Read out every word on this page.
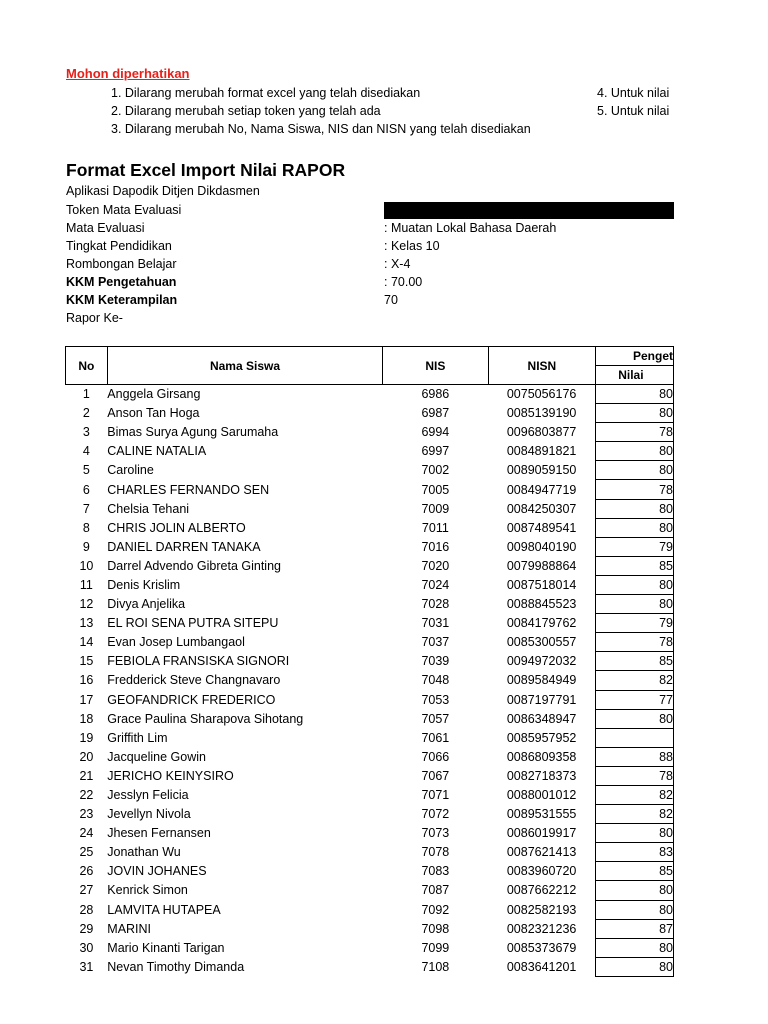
Mohon diperhatikan
1. Dilarang merubah format excel yang telah disediakan
2. Dilarang merubah setiap token yang telah ada
3. Dilarang merubah No, Nama Siswa, NIS dan NISN yang telah disediakan
4. Untuk nilai
5. Untuk nilai
Format Excel Import Nilai RAPOR
Aplikasi Dapodik Ditjen Dikdasmen
Token Mata Evaluasi
Mata Evaluasi	: Muatan Lokal Bahasa Daerah
Tingkat Pendidikan	: Kelas 10
Rombongan Belajar	: X-4
KKM Pengetahuan	: 70.00
KKM Keterampilan	70
Rapor Ke-
No	Nama Siswa	NIS	NISN	Penget
				Nilai
1	Anggela Girsang	6986	0075056176	80
2	Anson Tan Hoga	6987	0085139190	80
3	Bimas Surya Agung Sarumaha	6994	0096803877	78
4	CALINE NATALIA	6997	0084891821	80
5	Caroline	7002	0089059150	80
6	CHARLES FERNANDO SEN	7005	0084947719	78
7	Chelsia Tehani	7009	0084250307	80
8	CHRIS JOLIN ALBERTO	7011	0087489541	80
9	DANIEL DARREN TANAKA	7016	0098040190	79
10	Darrel Advendo Gibreta Ginting	7020	0079988864	85
11	Denis Krislim	7024	0087518014	80
12	Divya Anjelika	7028	0088845523	80
13	EL ROI SENA PUTRA SITEPU	7031	0084179762	79
14	Evan Josep Lumbangaol	7037	0085300557	78
15	FEBIOLA FRANSISKA SIGNORI	7039	0094972032	85
16	Fredderick Steve Changnavaro	7048	0089584949	82
17	GEOFANDRICK FREDERICO	7053	0087197791	77
18	Grace Paulina Sharapova Sihotang	7057	0086348947	80
19	Griffith Lim	7061	0085957952	
20	Jacqueline Gowin	7066	0086809358	88
21	JERICHO KEINYSIRO	7067	0082718373	78
22	Jesslyn Felicia	7071	0088001012	82
23	Jevellyn Nivola	7072	0089531555	82
24	Jhesen Fernansen	7073	0086019917	80
25	Jonathan Wu	7078	0087621413	83
26	JOVIN JOHANES	7083	0083960720	85
27	Kenrick Simon	7087	0087662212	80
28	LAMVITA HUTAPEA	7092	0082582193	80
29	MARINI	7098	0082321236	87
30	Mario Kinanti Tarigan	7099	0085373679	80
31	Nevan Timothy Dimanda	7108	0083641201	80
